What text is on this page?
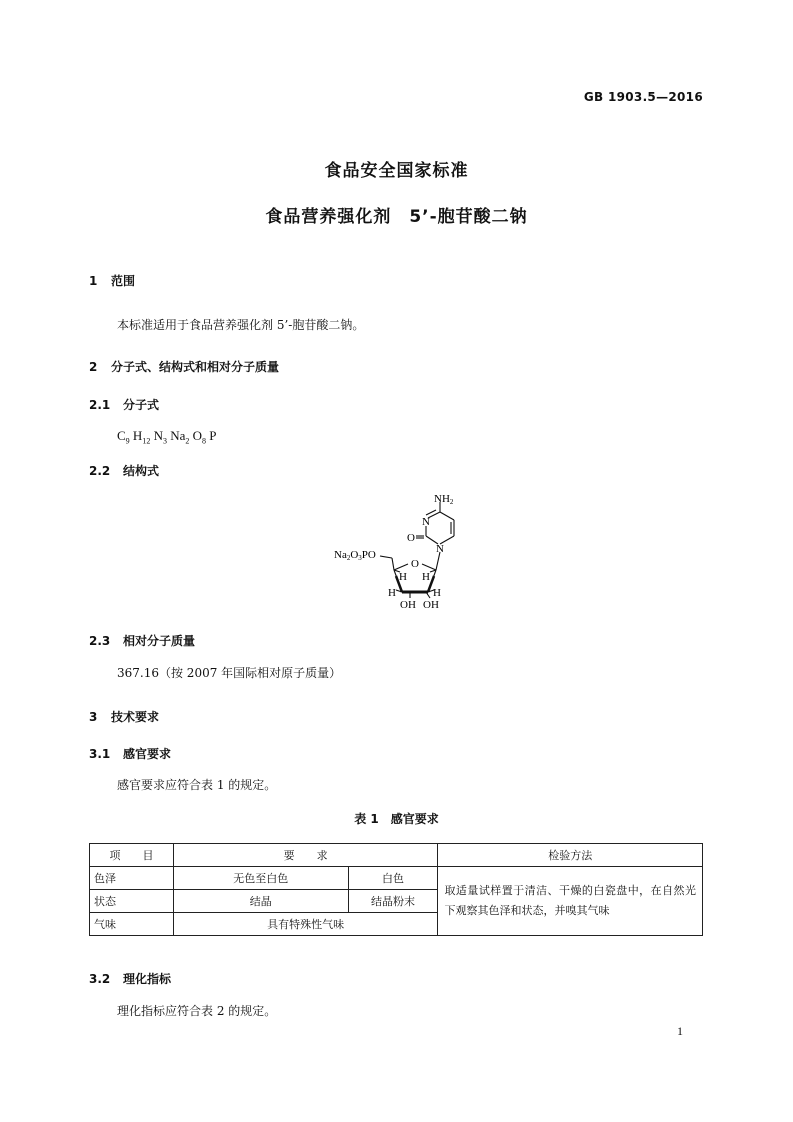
GB 1903.5—2016
食品安全国家标准
食品营养强化剂　5’-胞苷酸二钠
1 范围
本标准适用于食品营养强化剂 5’-胞苷酸二钠。
2 分子式、结构式和相对分子质量
2.1 分子式
$C_9$ $H_{12}$ $N_3$ $Na_2$ $O_8$ P
2.2 结构式
NH2
N
O
N
Na2O3PO
O
H
H
H	H
OH OH
2.3 相对分子质量
367.16（按 2007 年国际相对原子质量）
3 技术要求
3.1 感官要求
感官要求应符合表 1 的规定。
表 1　感官要求
项　　目	要　　求		检验方法
色泽	无色至白色	白色	取适量试样置于清洁、干燥的白瓷盘中，在自然光下观察其色泽和状态，并嗅其气味
状态	结晶	结晶粉末	
气味	具有特殊性气味		
3.2 理化指标
理化指标应符合表 2 的规定。
1
